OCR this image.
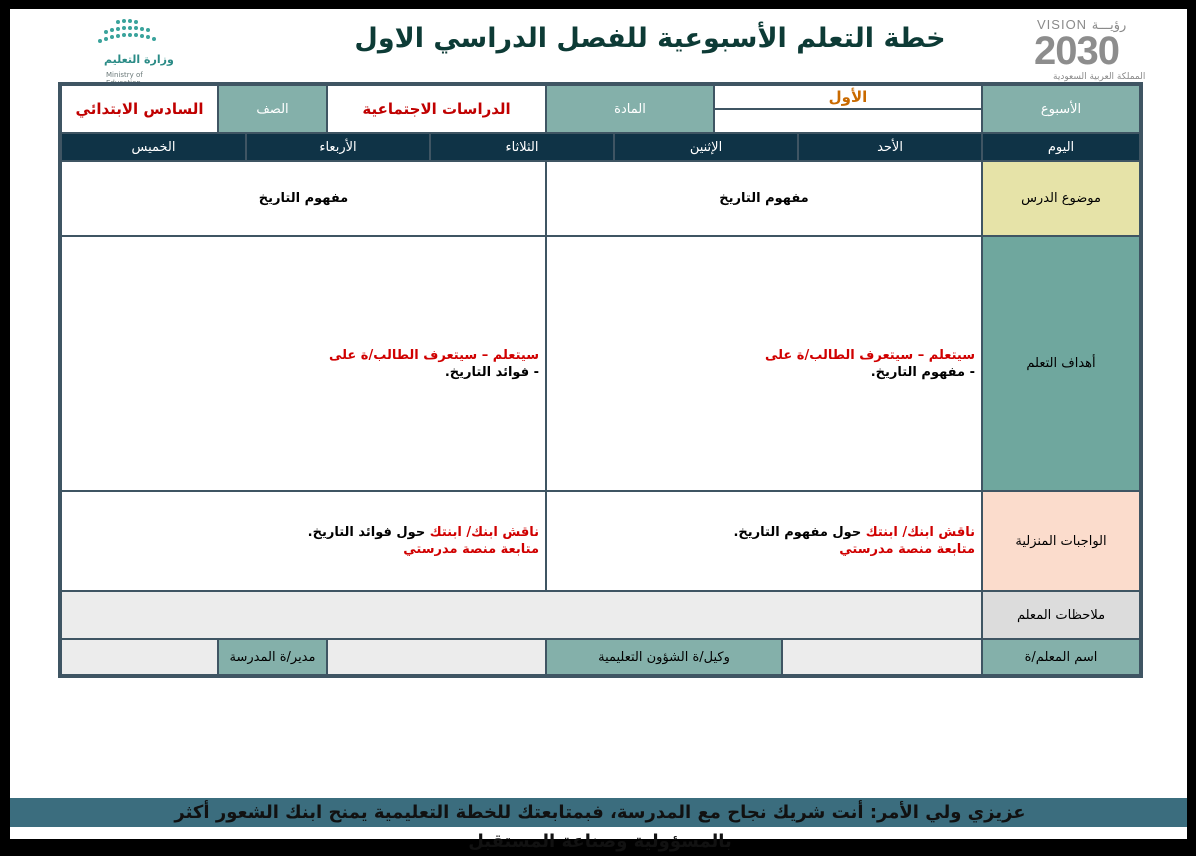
وزارة التعليم
Ministry of
خطة التعلم الأسبوعية للفصل الدراسي الاول	VISION رؤيـــة
2030
المملكة العربية السعودية
الأسبوع
الأول
المادة
الدراسات الاجتماعية
الصف
السادس الابتدائي
اليوم
الأحد
الإثنين
الثلاثاء
الأربعاء
الخميس
موضوع الدرس
مفهوم التاريخ
مفهوم التاريخ
أهداف التعلم
سيتعلم – سيتعرف الطالب/ة على
- مفهوم التاريخ.
سيتعلم – سيتعرف الطالب/ة على
- فوائد التاريخ.
الواجبات المنزلية
ناقش ابنك/ ابنتك حول مفهوم التاريخ.
متابعة منصة مدرستي
ناقش ابنك/ ابنتك حول فوائد التاريخ.
متابعة منصة مدرستي
ملاحظات المعلم
اسم المعلم/ة
وكيل/ة الشؤون التعليمية
مدير/ة المدرسة
عزيزي ولي الأمر: أنت شريك نجاح مع المدرسة، فبمتابعتك للخطة التعليمية يمنح ابنك الشعور أكثر بالمسؤولية وصناعة المستقبل
